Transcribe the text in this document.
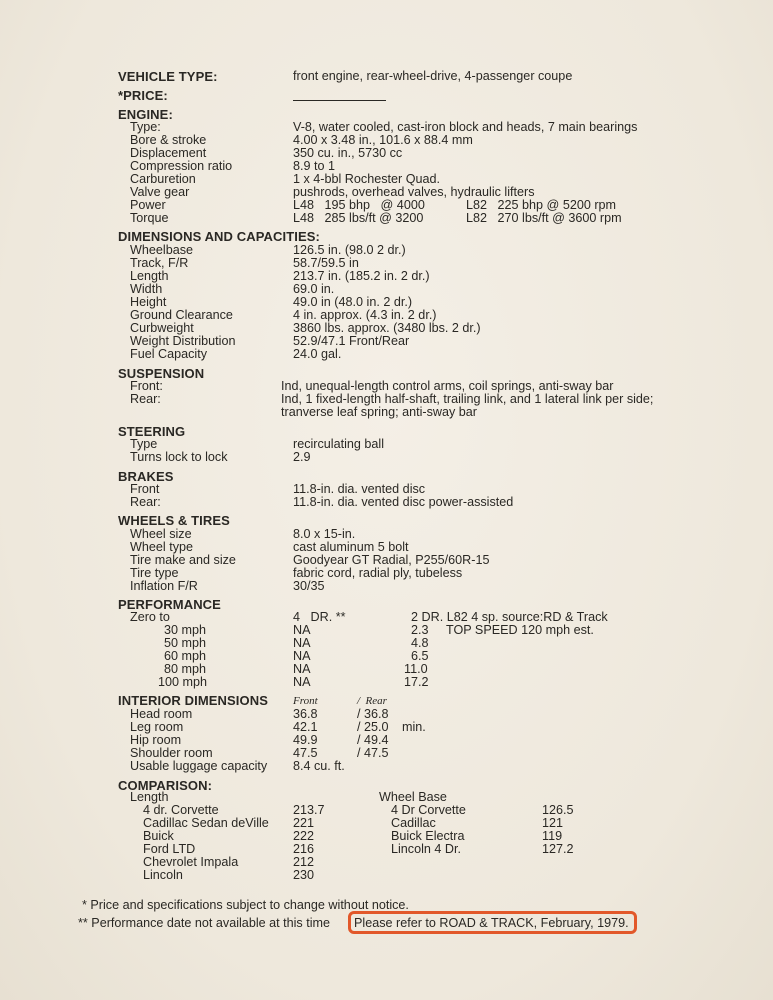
VEHICLE TYPE:	front engine, rear-wheel-drive, 4-passenger coupe
*PRICE:
ENGINE:
Type:	V-8, water cooled, cast-iron block and heads, 7 main bearings
Bore & stroke	4.00 x 3.48 in., 101.6 x 88.4 mm
Displacement	350 cu. in., 5730 cc
Compression ratio	8.9 to 1
Carburetion	1 x 4-bbl Rochester Quad.
Valve gear	pushrods, overhead valves, hydraulic lifters
Power	L48   195 bhp   @ 4000	L82   225 bhp @ 5200 rpm
Torque	L48   285 lbs/ft @ 3200	L82   270 lbs/ft @ 3600 rpm
DIMENSIONS AND CAPACITIES:
Wheelbase	126.5 in. (98.0 2 dr.)
Track, F/R	58.7/59.5 in
Length	213.7 in. (185.2 in. 2 dr.)
Width	69.0 in.
Height	49.0 in (48.0 in. 2 dr.)
Ground Clearance	4 in. approx. (4.3 in. 2 dr.)
Curbweight	3860 lbs. approx. (3480 lbs. 2 dr.)
Weight Distribution	52.9/47.1 Front/Rear
Fuel Capacity	24.0 gal.
SUSPENSION
Front:	Ind, unequal-length control arms, coil springs, anti-sway bar
Rear:	Ind, 1 fixed-length half-shaft, trailing link, and 1 lateral link per side;
tranverse leaf spring; anti-sway bar
STEERING
Type	recirculating ball
Turns lock to lock	2.9
BRAKES
Front	11.8-in. dia. vented disc
Rear:	11.8-in. dia. vented disc power-assisted
WHEELS & TIRES
Wheel size	8.0 x 15-in.
Wheel type	cast aluminum 5 bolt
Tire make and size	Goodyear GT Radial, P255/60R-15
Tire type	fabric cord, radial ply, tubeless
Inflation F/R	30/35
PERFORMANCE
Zero to	4   DR. **	2 DR. L82 4 sp. source:RD & Track
30 mph	NA	2.3 TOP SPEED 120 mph est.
50 mph	NA	4.8
60 mph	NA	6.5
80 mph	NA	11.0
100 mph	NA	17.2
INTERIOR DIMENSIONS Front	/  Rear
Head room	36.8	/ 36.8
Leg room	42.1	/ 25.0 min.
Hip room	49.9	/ 49.4
Shoulder room	47.5	/ 47.5
Usable luggage capacity 8.4 cu. ft.
COMPARISON:
Length	Wheel Base
4 dr. Corvette	213.7	4 Dr Corvette	126.5
Cadillac Sedan deVille 221	Cadillac	121
Buick	222	Buick Electra	119
Ford LTD	216	Lincoln 4 Dr.	127.2
Chevrolet Impala	212
Lincoln	230
* Price and specifications subject to change without notice.
** Performance date not available at this time Please refer to ROAD & TRACK, February, 1979.
